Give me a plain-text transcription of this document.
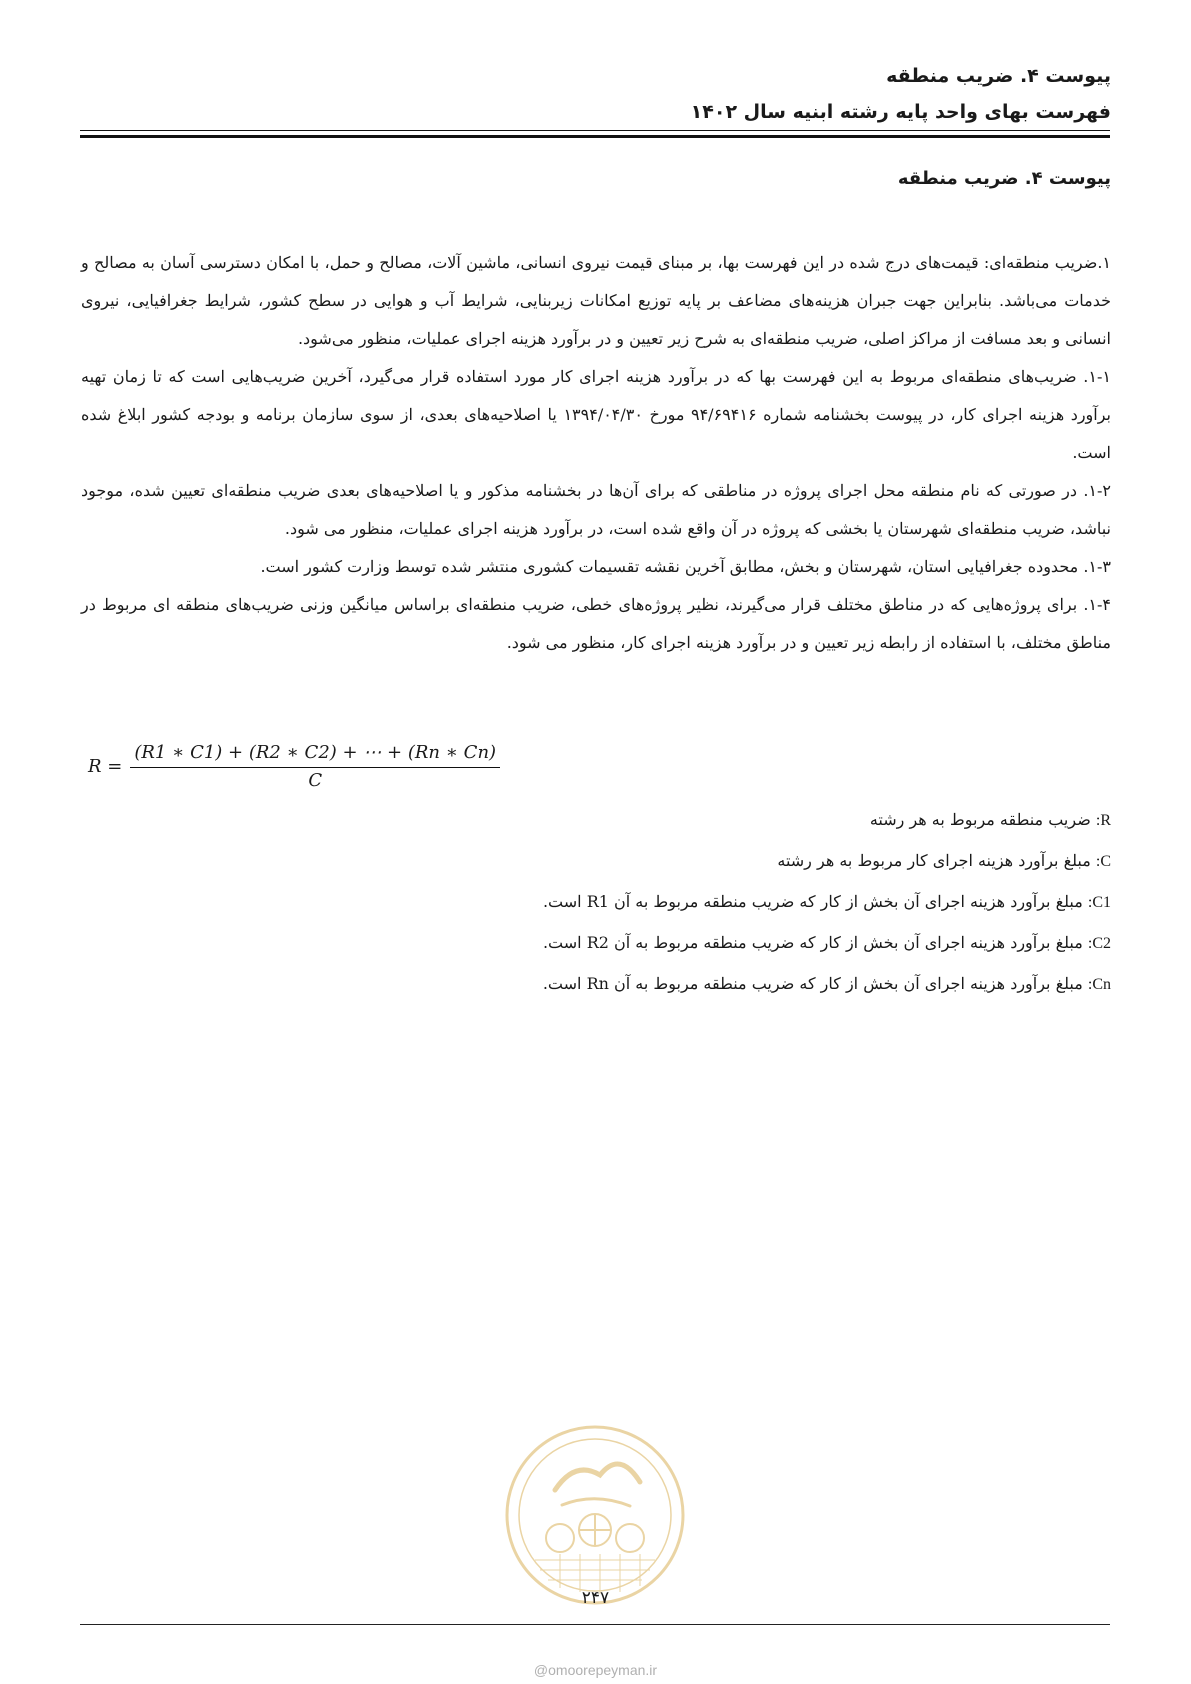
پیوست ۴. ضریب منطقه

فهرست بهای واحد پایه رشته ابنیه سال ۱۴۰۲

پیوست ۴. ضریب منطقه

۱.ضریب منطقه‌ای: قیمت‌های درج شده در این فهرست بها، بر مبنای قیمت نیروی انسانی، ماشین آلات، مصالح و حمل، با امکان دسترسی آسان به مصالح و خدمات می‌باشد. بنابراین جهت جبران هزینه‌های مضاعف بر پایه توزیع امکانات زیربنایی، شرایط آب و هوایی در سطح کشور، شرایط جغرافیایی، نیروی انسانی و بعد مسافت از مراکز اصلی، ضریب منطقه‌ای به شرح زیر تعیین و در برآورد هزینه اجرای عملیات، منظور می‌شود.

۱-۱. ضریب‌های منطقه‌ای مربوط به این فهرست بها که در برآورد هزینه اجرای کار مورد استفاده قرار می‌گیرد، آخرین ضریب‌هایی است که تا زمان تهیه برآورد هزینه اجرای کار، در پیوست بخشنامه شماره ۹۴/۶۹۴۱۶ مورخ ۱۳۹۴/۰۴/۳۰ یا اصلاحیه‌های بعدی، از سوی سازمان برنامه و بودجه کشور ابلاغ شده است.

۱-۲. در صورتی که نام منطقه محل اجرای پروژه در مناطقی که برای آن‌ها در بخشنامه مذکور و یا اصلاحیه‌های بعدی ضریب منطقه‌ای تعیین شده، موجود نباشد، ضریب منطقه‌ای شهرستان یا بخشی که پروژه در آن واقع شده است، در برآورد هزینه اجرای عملیات، منظور می شود.

۱-۳. محدوده جغرافیایی استان، شهرستان و بخش، مطابق آخرین نقشه تقسیمات کشوری منتشر شده توسط وزارت کشور است.

۱-۴. برای پروژه‌هایی که در مناطق مختلف قرار می‌گیرند، نظیر پروژه‌های خطی، ضریب منطقه‌ای براساس میانگین وزنی ضریب‌های منطقه ای مربوط در مناطق مختلف، با استفاده از رابطه زیر تعیین و در برآورد هزینه اجرای کار، منظور می شود.

$R = \frac{(R1 ∗ C1) + (R2 ∗ C2) + \cdots + (Rn ∗ Cn)}{C}$
R: ضریب منطقه مربوط به هر رشته
C: مبلغ برآورد هزینه اجرای کار مربوط به هر رشته
C1: مبلغ برآورد هزینه اجرای آن بخش از کار که ضریب منطقه مربوط به آن R1 است.
C2: مبلغ برآورد هزینه اجرای آن بخش از کار که ضریب منطقه مربوط به آن R2 است.
Cn: مبلغ برآورد هزینه اجرای آن بخش از کار که ضریب منطقه مربوط به آن Rn است.
۲۴۷
@omoorepeyman.ir
